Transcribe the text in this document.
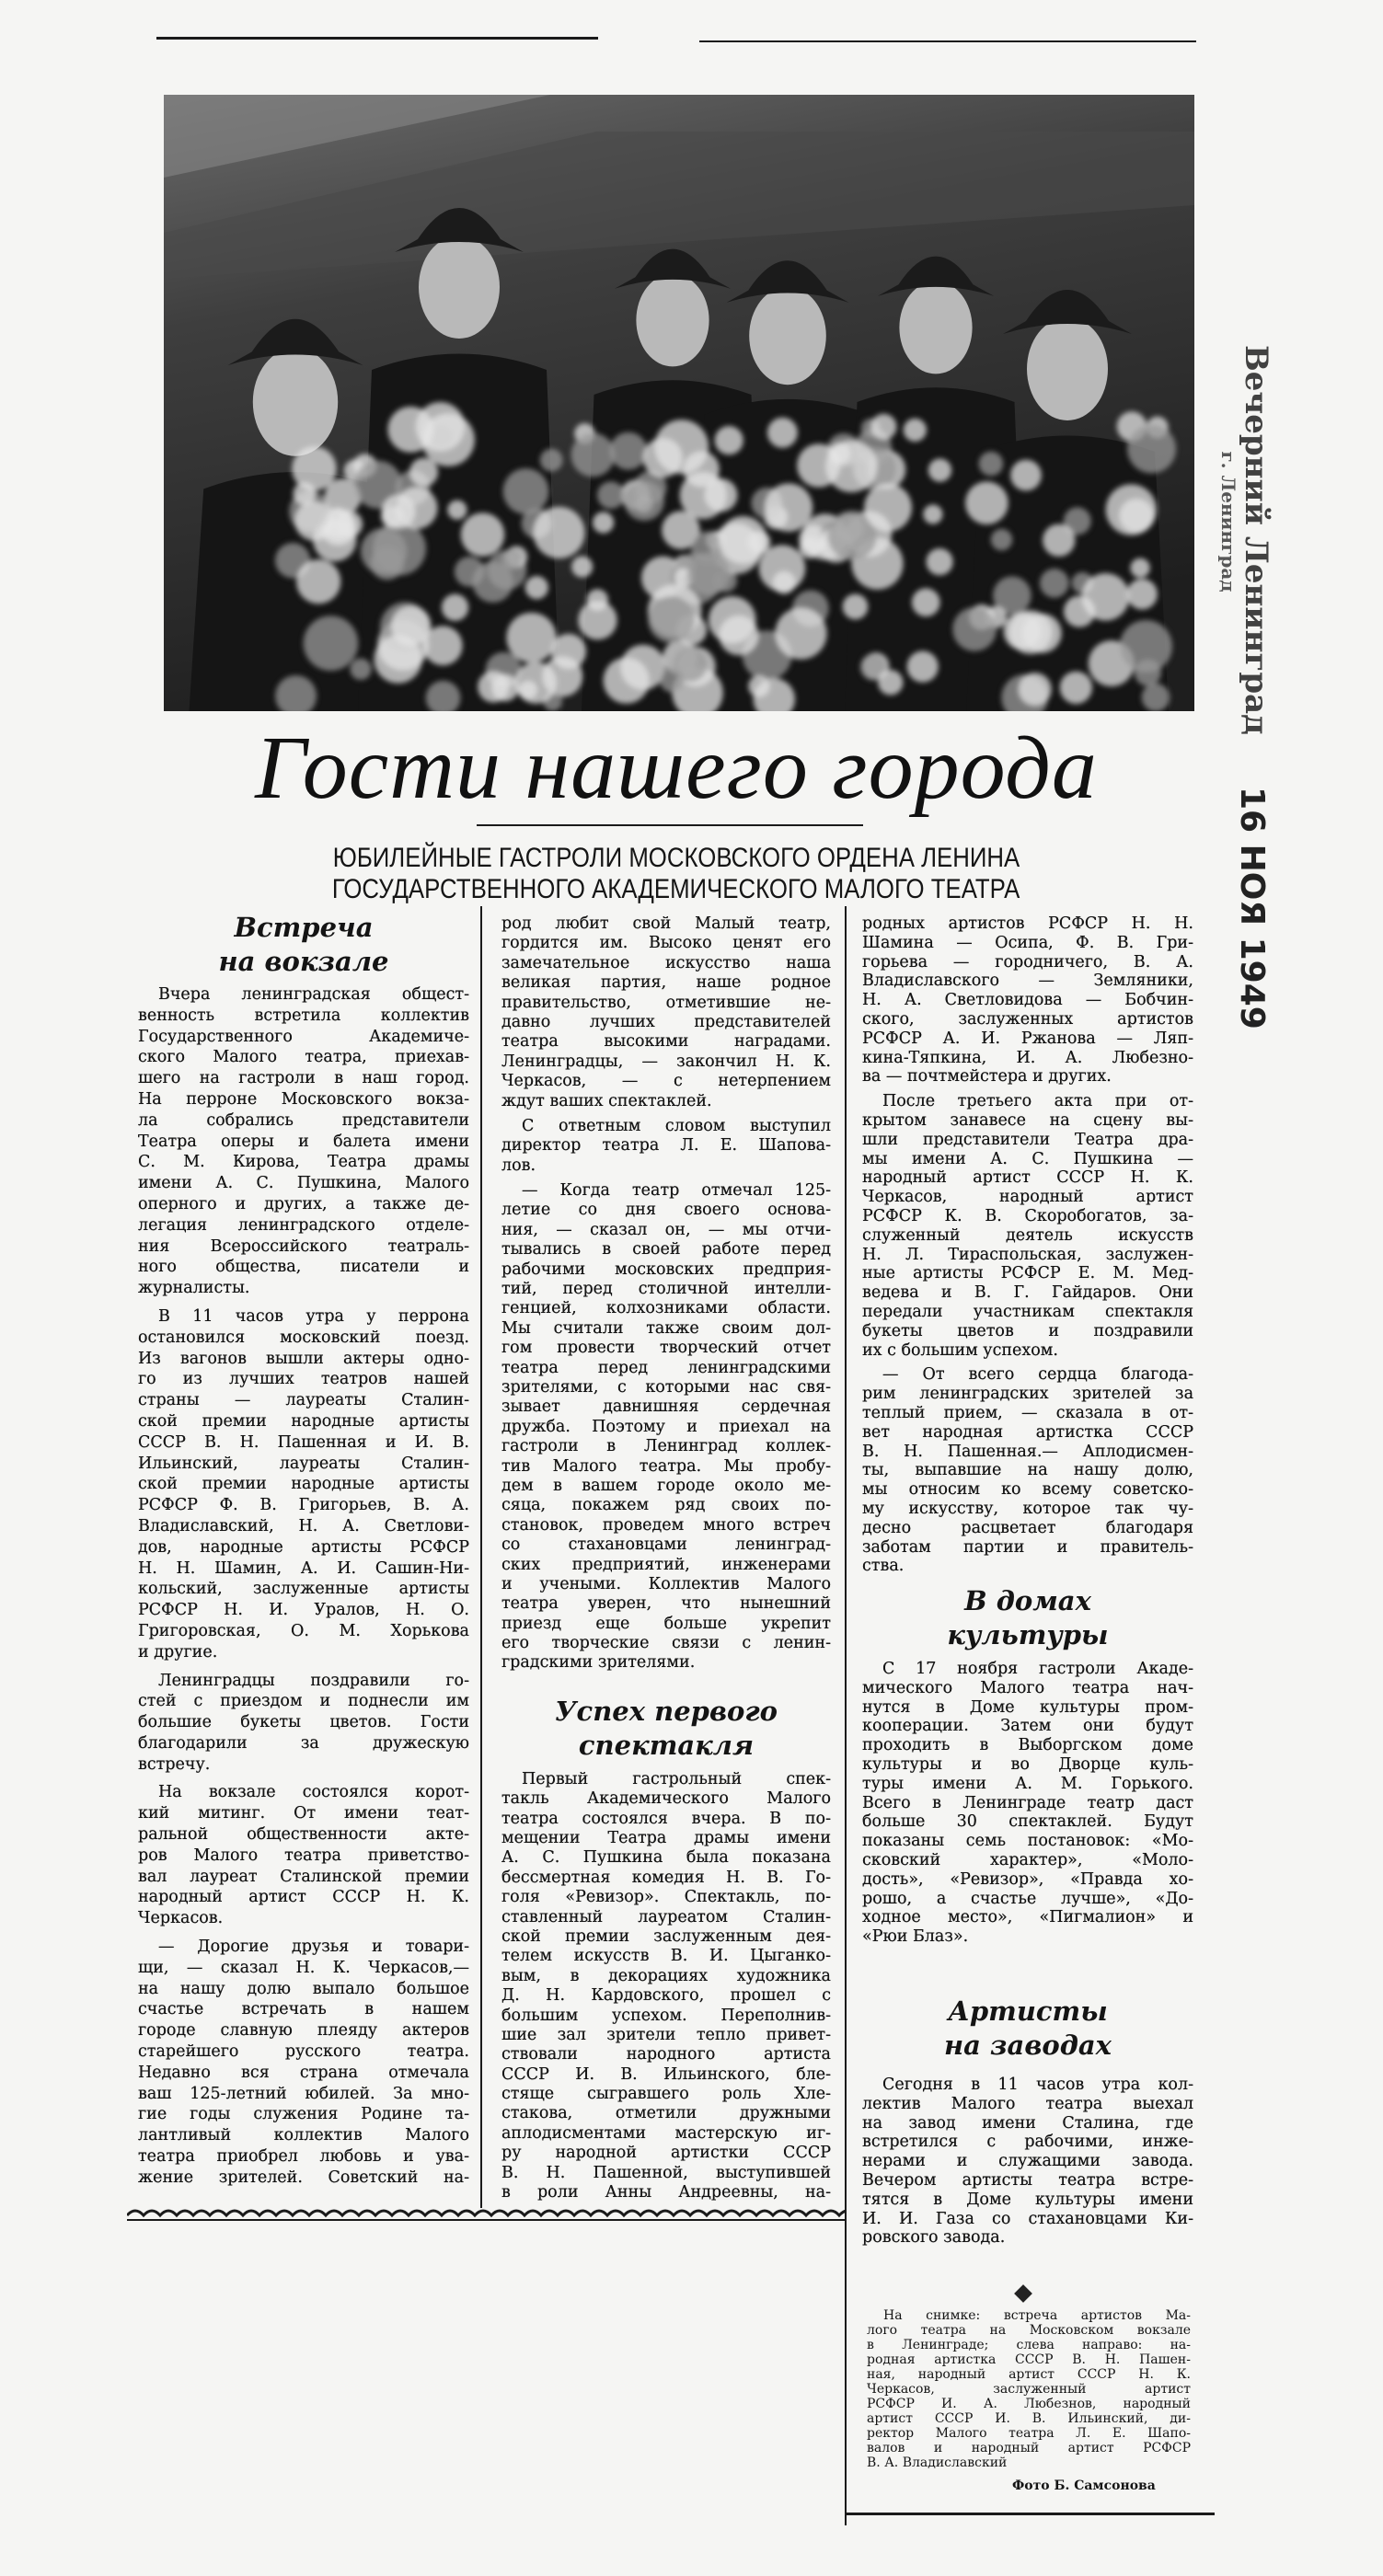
Гости нашего города
ЮБИЛЕЙНЫЕ ГАСТРОЛИ МОСКОВСКОГО ОРДЕНА ЛЕНИНА
ГОСУДАРСТВЕННОГО АКАДЕМИЧЕСКОГО МАЛОГО ТЕАТРА
Встреча
на вокзале
Вчера ленинградская общест-
венность встретила коллектив
Государственного Академиче-
ского Малого театра, приехав-
шего на гастроли в наш город.
На перроне Московского вокза-
ла собрались представители
Театра оперы и балета имени
С. М. Кирова, Театра драмы
имени А. С. Пушкина, Малого
оперного и других, а также де-
легация ленинградского отделе-
ния Всероссийского театраль-
ного общества, писатели и
журналисты.
В 11 часов утра у перрона
остановился московский поезд.
Из вагонов вышли актеры одно-
го из лучших театров нашей
страны — лауреаты Сталин-
ской премии народные артисты
СССР В. Н. Пашенная и И. В.
Ильинский, лауреаты Сталин-
ской премии народные артисты
РСФСР Ф. В. Григорьев, В. А.
Владиславский, Н. А. Светлови-
дов, народные артисты РСФСР
Н. Н. Шамин, А. И. Сашин-Ни-
кольский, заслуженные артисты
РСФСР Н. И. Уралов, Н. О.
Григоровская, О. М. Хорькова
и другие.
Ленинградцы поздравили го-
стей с приездом и поднесли им
большие букеты цветов. Гости
благодарили за дружескую
встречу.
На вокзале состоялся корот-
кий митинг. От имени теат-
ральной общественности акте-
ров Малого театра приветство-
вал лауреат Сталинской премии
народный артист СССР Н. К.
Черкасов.
— Дорогие друзья и товари-
щи, — сказал Н. К. Черкасов,—
на нашу долю выпало большое
счастье встречать в нашем
городе славную плеяду актеров
старейшего русского театра.
Недавно вся страна отмечала
ваш 125-летний юбилей. За мно-
гие годы служения Родине та-
лантливый коллектив Малого
театра приобрел любовь и ува-
жение зрителей. Советский на-
род любит свой Малый театр,
гордится им. Высоко ценят его
замечательное искусство наша
великая партия, наше родное
правительство, отметившие не-
давно лучших представителей
театра высокими наградами.
Ленинградцы, — закончил Н. К.
Черкасов, — с нетерпением
ждут ваших спектаклей.
С ответным словом выступил
директор театра Л. Е. Шапова-
лов.
— Когда театр отмечал 125-
летие со дня своего основа-
ния, — сказал он, — мы отчи-
тывались в своей работе перед
рабочими московских предприя-
тий, перед столичной интелли-
генцией, колхозниками области.
Мы считали также своим дол-
гом провести творческий отчет
театра перед ленинградскими
зрителями, с которыми нас свя-
зывает давнишняя сердечная
дружба. Поэтому и приехал на
гастроли в Ленинград коллек-
тив Малого театра. Мы пробу-
дем в вашем городе около ме-
сяца, покажем ряд своих по-
становок, проведем много встреч
со стахановцами ленинград-
ских предприятий, инженерами
и учеными. Коллектив Малого
театра уверен, что нынешний
приезд еще больше укрепит
его творческие связи с ленин-
градскими зрителями.
Успех первого
спектакля
Первый гастрольный спек-
такль Академического Малого
театра состоялся вчера. В по-
мещении Театра драмы имени
А. С. Пушкина была показана
бессмертная комедия Н. В. Го-
голя «Ревизор». Спектакль, по-
ставленный лауреатом Сталин-
ской премии заслуженным дея-
телем искусств В. И. Цыганко-
вым, в декорациях художника
Д. Н. Кардовского, прошел с
большим успехом. Переполнив-
шие зал зрители тепло привет-
ствовали народного артиста
СССР И. В. Ильинского, бле-
стяще сыгравшего роль Хле-
стакова, отметили дружными
аплодисментами мастерскую иг-
ру народной артистки СССР
В. Н. Пашенной, выступившей
в роли Анны Андреевны, на-
родных артистов РСФСР Н. Н.
Шамина — Осипа, Ф. В. Гри-
горьева — городничего, В. А.
Владиславского — Земляники,
Н. А. Светловидова — Бобчин-
ского, заслуженных артистов
РСФСР А. И. Ржанова — Ляп-
кина-Тяпкина, И. А. Любезно-
ва — почтмейстера и других.
После третьего акта при от-
крытом занавесе на сцену вы-
шли представители Театра дра-
мы имени А. С. Пушкина —
народный артист СССР Н. К.
Черкасов, народный артист
РСФСР К. В. Скоробогатов, за-
служенный деятель искусств
Н. Л. Тираспольская, заслужен-
ные артисты РСФСР Е. М. Мед-
ведева и В. Г. Гайдаров. Они
передали участникам спектакля
букеты цветов и поздравили
их с большим успехом.
— От всего сердца благода-
рим ленинградских зрителей за
теплый прием, — сказала в от-
вет народная артистка СССР
В. Н. Пашенная.— Аплодисмен-
ты, выпавшие на нашу долю,
мы относим ко всему советско-
му искусству, которое так чу-
десно расцветает благодаря
заботам партии и правитель-
ства.
В домах
культуры
С 17 ноября гастроли Акаде-
мического Малого театра нач-
нутся в Доме культуры пром-
кооперации. Затем они будут
проходить в Выборгском доме
культуры и во Дворце куль-
туры имени А. М. Горького.
Всего в Ленинграде театр даст
больше 30 спектаклей. Будут
показаны семь постановок: «Мо-
сковский характер», «Моло-
дость», «Ревизор», «Правда хо-
рошо, а счастье лучше», «До-
ходное место», «Пигмалион» и
«Рюи Блаз».
Артисты
на заводах
Сегодня в 11 часов утра кол-
лектив Малого театра выехал
на завод имени Сталина, где
встретился с рабочими, инже-
нерами и служащими завода.
Вечером артисты театра встре-
тятся в Доме культуры имени
И. И. Газа со стахановцами Ки-
ровского завода.
На снимке: встреча артистов Ма-
лого театра на Московском вокзале
в Ленинграде; слева направо: на-
родная артистка СССР В. Н. Пашен-
ная, народный артист СССР Н. К.
Черкасов, заслуженный артист
РСФСР И. А. Любезнов, народный
артист СССР И. В. Ильинский, ди-
ректор Малого театра Л. Е. Шапо-
валов и народный артист РСФСР
В. А. Владиславский
Фото Б. Самсонова
Вечерний Ленинград
г. Ленинград
16 НОЯ 1949
